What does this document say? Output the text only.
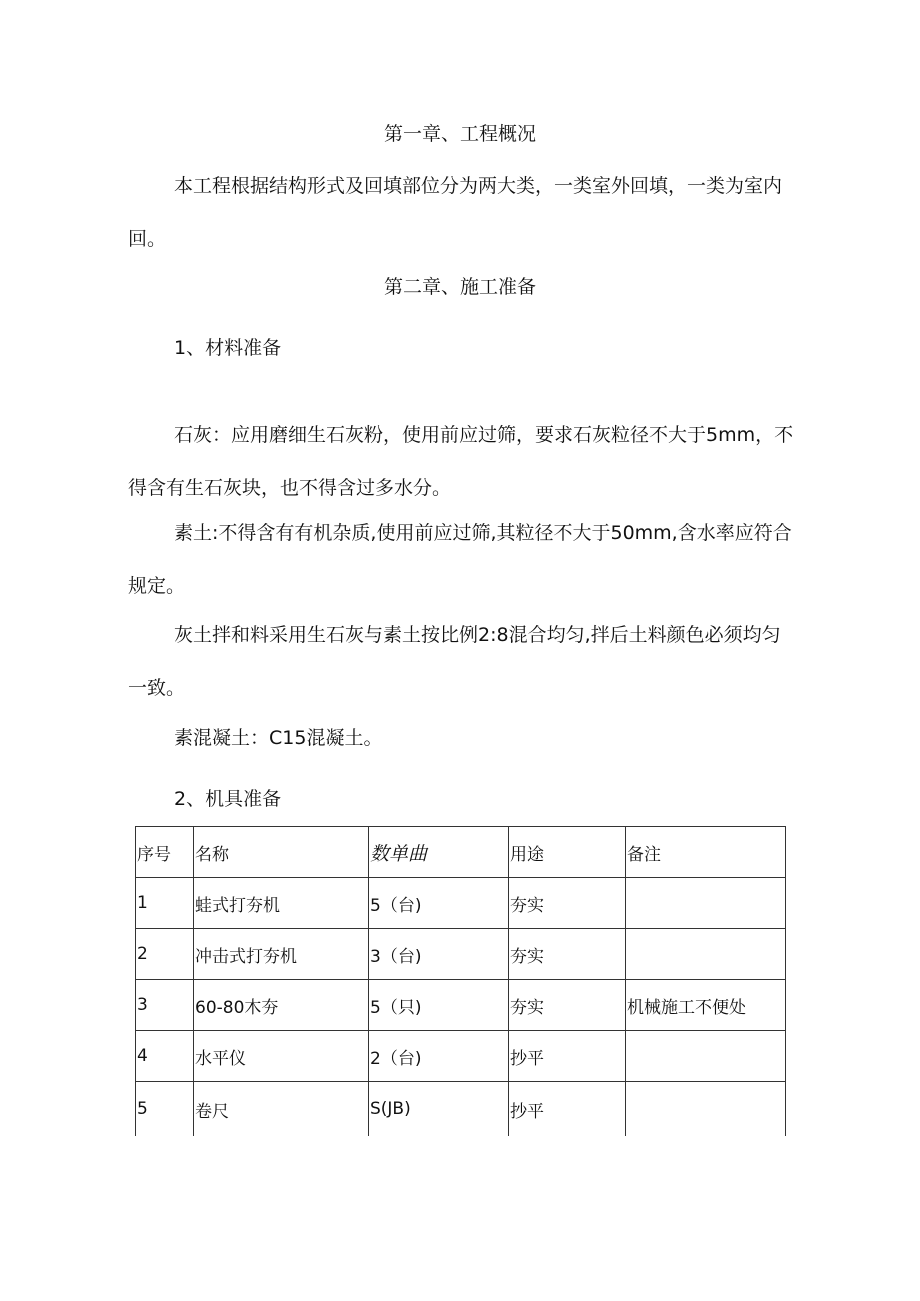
第一章、工程概况

本工程根据结构形式及回填部位分为两大类，一类室外回填，一类为室内回。

第二章、施工准备
1、材料准备

石灰：应用磨细生石灰粉，使用前应过筛，要求石灰粒径不大于5mm，不得含有生石灰块，也不得含过多水分。

素土:不得含有有机杂质,使用前应过筛,其粒径不大于50mm,含水率应符合规定。

灰土拌和料采用生石灰与素土按比例2:8混合均匀,拌后土料颜色必须均匀一致。

素混凝土：C15混凝土。

2、机具准备
序号	名称	数单曲	用途	备注
1	蛙式打夯机	5（台)	夯实	
2	冲击式打夯机	3（台)	夯实	
3	60-80木夯	5（只)	夯实	机械施工不便处
4	水平仪	2（台)	抄平	
5	卷尺	S(JB)	抄平	
